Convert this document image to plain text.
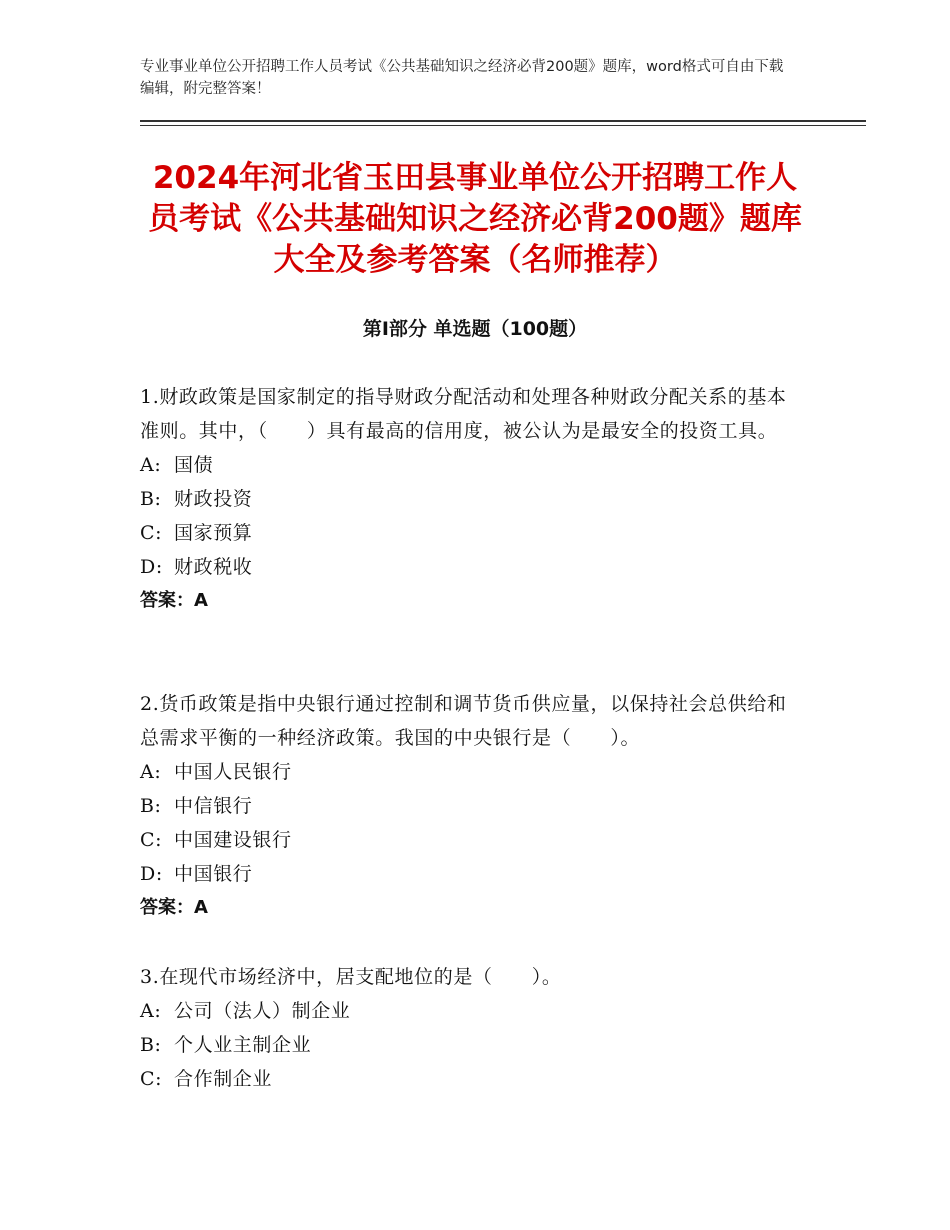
专业事业单位公开招聘工作人员考试《公共基础知识之经济必背200题》题库，word格式可自由下载编辑，附完整答案！
2024年河北省玉田县事业单位公开招聘工作人员考试《公共基础知识之经济必背200题》题库大全及参考答案（名师推荐）
第Ⅰ部分 单选题（100题）

1.财政政策是国家制定的指导财政分配活动和处理各种财政分配关系的基本准则。其中，（　　）具有最高的信用度，被公认为是最安全的投资工具。

A: 国债

B: 财政投资

C: 国家预算

D: 财政税收

答案：A

2.货币政策是指中央银行通过控制和调节货币供应量，以保持社会总供给和总需求平衡的一种经济政策。我国的中央银行是（　　）。

A: 中国人民银行

B: 中信银行

C: 中国建设银行

D: 中国银行

答案：A

3.在现代市场经济中，居支配地位的是（　　）。

A: 公司（法人）制企业

B: 个人业主制企业

C: 合作制企业
